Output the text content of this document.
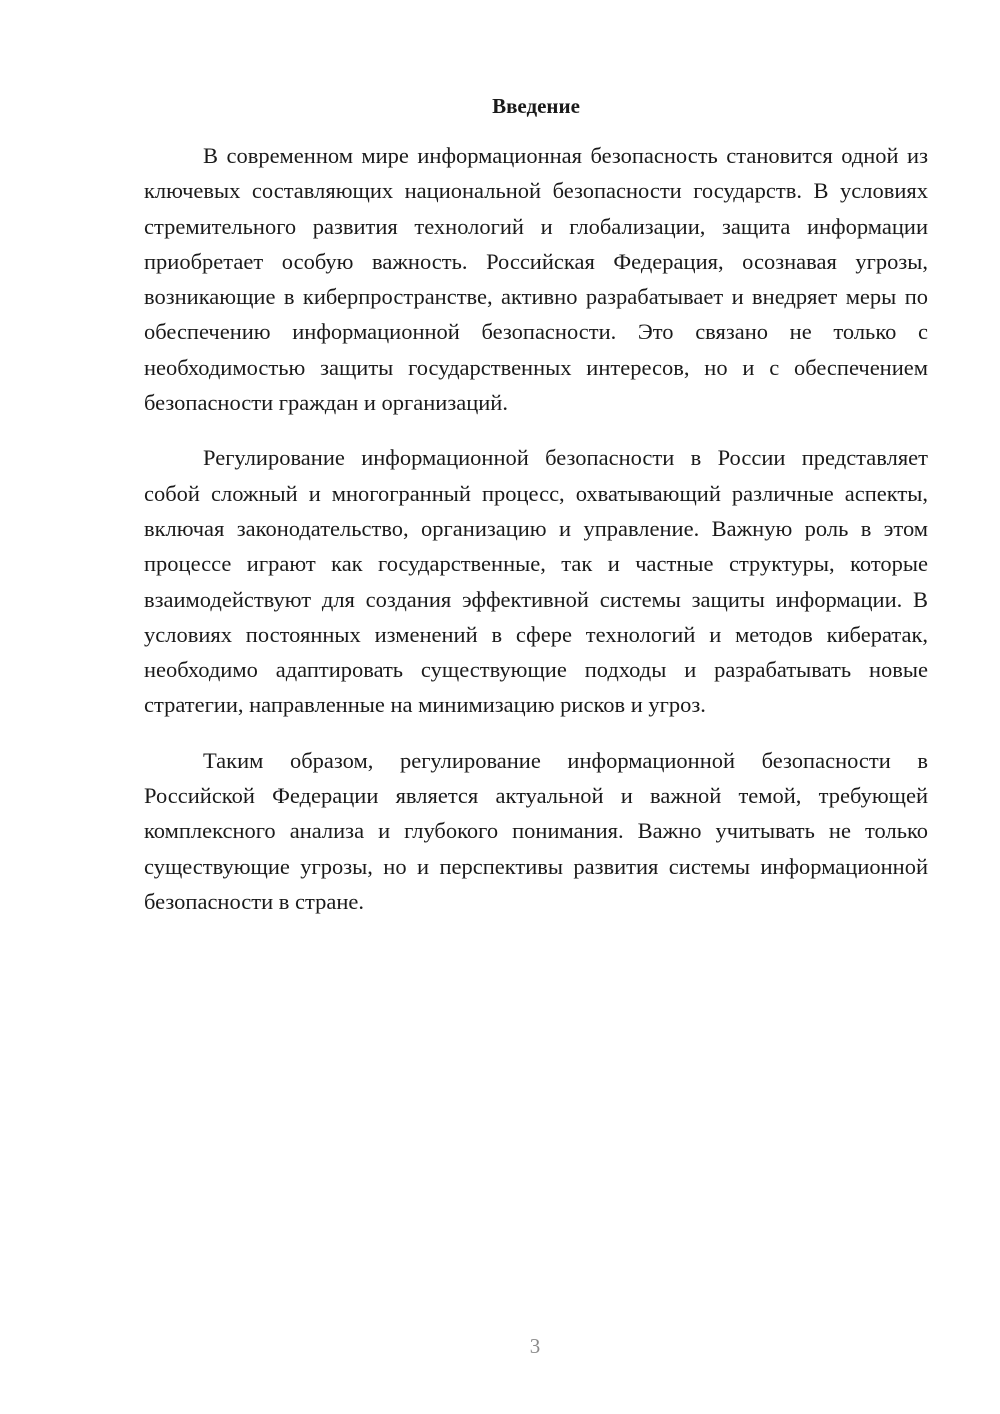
Введение

В современном мире информационная безопасность становится одной из ключевых составляющих национальной безопасности государств. В условиях стремительного развития технологий и глобализации, защита информации приобретает особую важность. Российская Федерация, осознавая угрозы, возникающие в киберпространстве, активно разрабатывает и внедряет меры по обеспечению информационной безопасности. Это связано не только с необходимостью защиты государственных интересов, но и с обеспечением безопасности граждан и организаций.

Регулирование информационной безопасности в России представляет собой сложный и многогранный процесс, охватывающий различные аспекты, включая законодательство, организацию и управление. Важную роль в этом процессе играют как государственные, так и частные структуры, которые взаимодействуют для создания эффективной системы защиты информации. В условиях постоянных изменений в сфере технологий и методов кибератак, необходимо адаптировать существующие подходы и разрабатывать новые стратегии, направленные на минимизацию рисков и угроз.

Таким образом, регулирование информационной безопасности в Российской Федерации является актуальной и важной темой, требующей комплексного анализа и глубокого понимания. Важно учитывать не только существующие угрозы, но и перспективы развития системы информационной безопасности в стране.

3
